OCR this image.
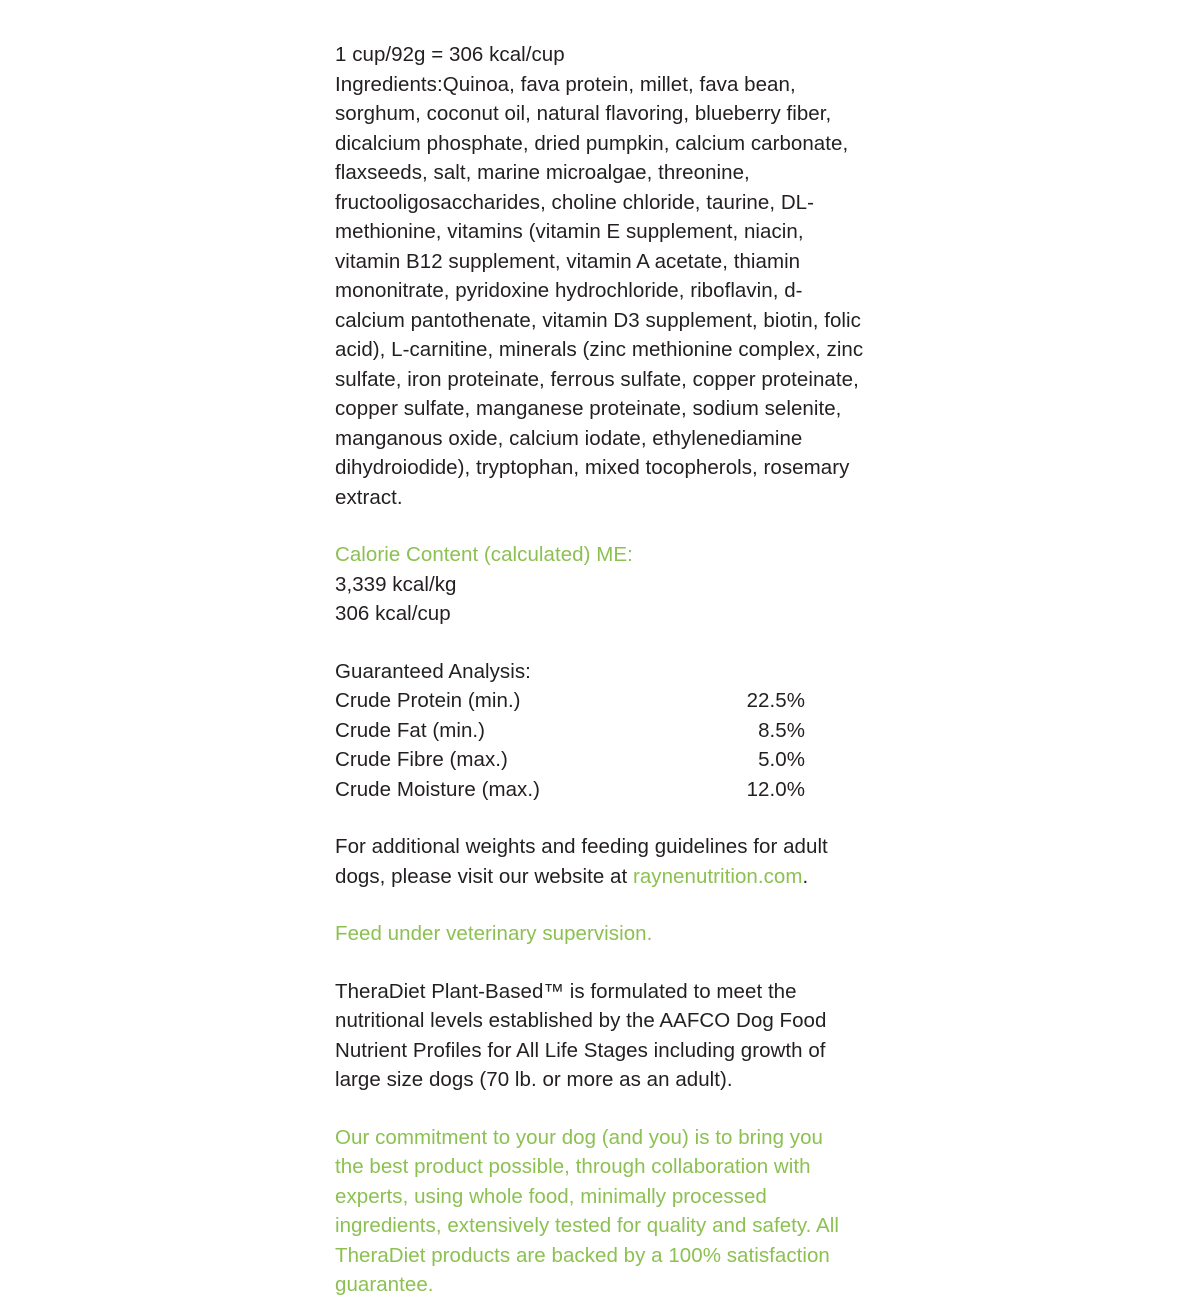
1 cup/92g = 306 kcal/cup
Ingredients:Quinoa, fava protein, millet, fava bean, sorghum, coconut oil, natural flavoring, blueberry fiber, dicalcium phosphate, dried pumpkin, calcium carbonate, flaxseeds, salt, marine microalgae, threonine, fructooligosaccharides, choline chloride, taurine, DL-methionine, vitamins (vitamin E supplement, niacin, vitamin B12 supplement, vitamin A acetate, thiamin mononitrate, pyridoxine hydrochloride, riboflavin, d-calcium pantothenate, vitamin D3 supplement, biotin, folic acid), L-carnitine, minerals (zinc methionine complex, zinc sulfate, iron proteinate, ferrous sulfate, copper proteinate, copper sulfate, manganese proteinate, sodium selenite, manganous oxide, calcium iodate, ethylenediamine dihydroiodide), tryptophan, mixed tocopherols, rosemary extract.
Calorie Content (calculated) ME:
3,339 kcal/kg
306 kcal/cup
Guaranteed Analysis:
Crude Protein (min.)	22.5%
Crude Fat (min.)	8.5%
Crude Fibre (max.)	5.0%
Crude Moisture (max.)	12.0%
For additional weights and feeding guidelines for adult dogs, please visit our website at raynenutrition.com.
Feed under veterinary supervision.
TheraDiet Plant-Based™ is formulated to meet the nutritional levels established by the AAFCO Dog Food Nutrient Profiles for All Life Stages including growth of large size dogs (70 lb. or more as an adult).
Our commitment to your dog (and you) is to bring you the best product possible, through collaboration with experts, using whole food, minimally processed ingredients, extensively tested for quality and safety. All TheraDiet products are backed by a 100% satisfaction guarantee.
